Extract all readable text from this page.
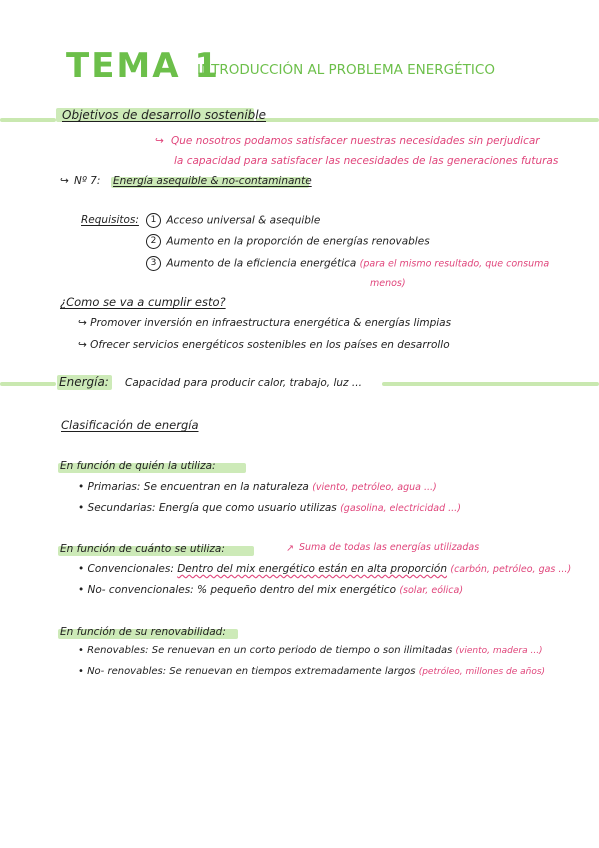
TEMA 1
INTRODUCCIÓN AL PROBLEMA ENERGÉTICO
Objetivos de desarrollo sostenible
↪ Que nosotros podamos satisfacer nuestras necesidades sin perjudicar
la capacidad para satisfacer las necesidades de las generaciones futuras
↪ Nº 7: Energía asequible & no-contaminante
Requisitos:	1 Acceso universal & asequible
2 Aumento en la proporción de energías renovables
3 Aumento de la eficiencia energética (para el mismo resultado, que consuma
menos)
¿Como se va a cumplir esto?
↪ Promover inversión en infraestructura energética & energías limpias
↪ Ofrecer servicios energéticos sostenibles en los países en desarrollo
Energía: Capacidad para producir calor, trabajo, luz ...
Clasificación de energía
En función de quién la utiliza:
• Primarias: Se encuentran en la naturaleza (viento, petróleo, agua ...)
• Secundarias: Energía que como usuario utilizas (gasolina, electricidad ...)
En función de cuánto se utiliza:	↗ Suma de todas las energías utilizadas
• Convencionales: Dentro del mix energético están en alta proporción (carbón, petróleo, gas ...)
• No- convencionales: % pequeño dentro del mix energético (solar, eólica)
En función de su renovabilidad:
• Renovables: Se renuevan en un corto periodo de tiempo o son ilimitadas (viento, madera ...)
• No- renovables: Se renuevan en tiempos extremadamente largos (petróleo, millones de años)
